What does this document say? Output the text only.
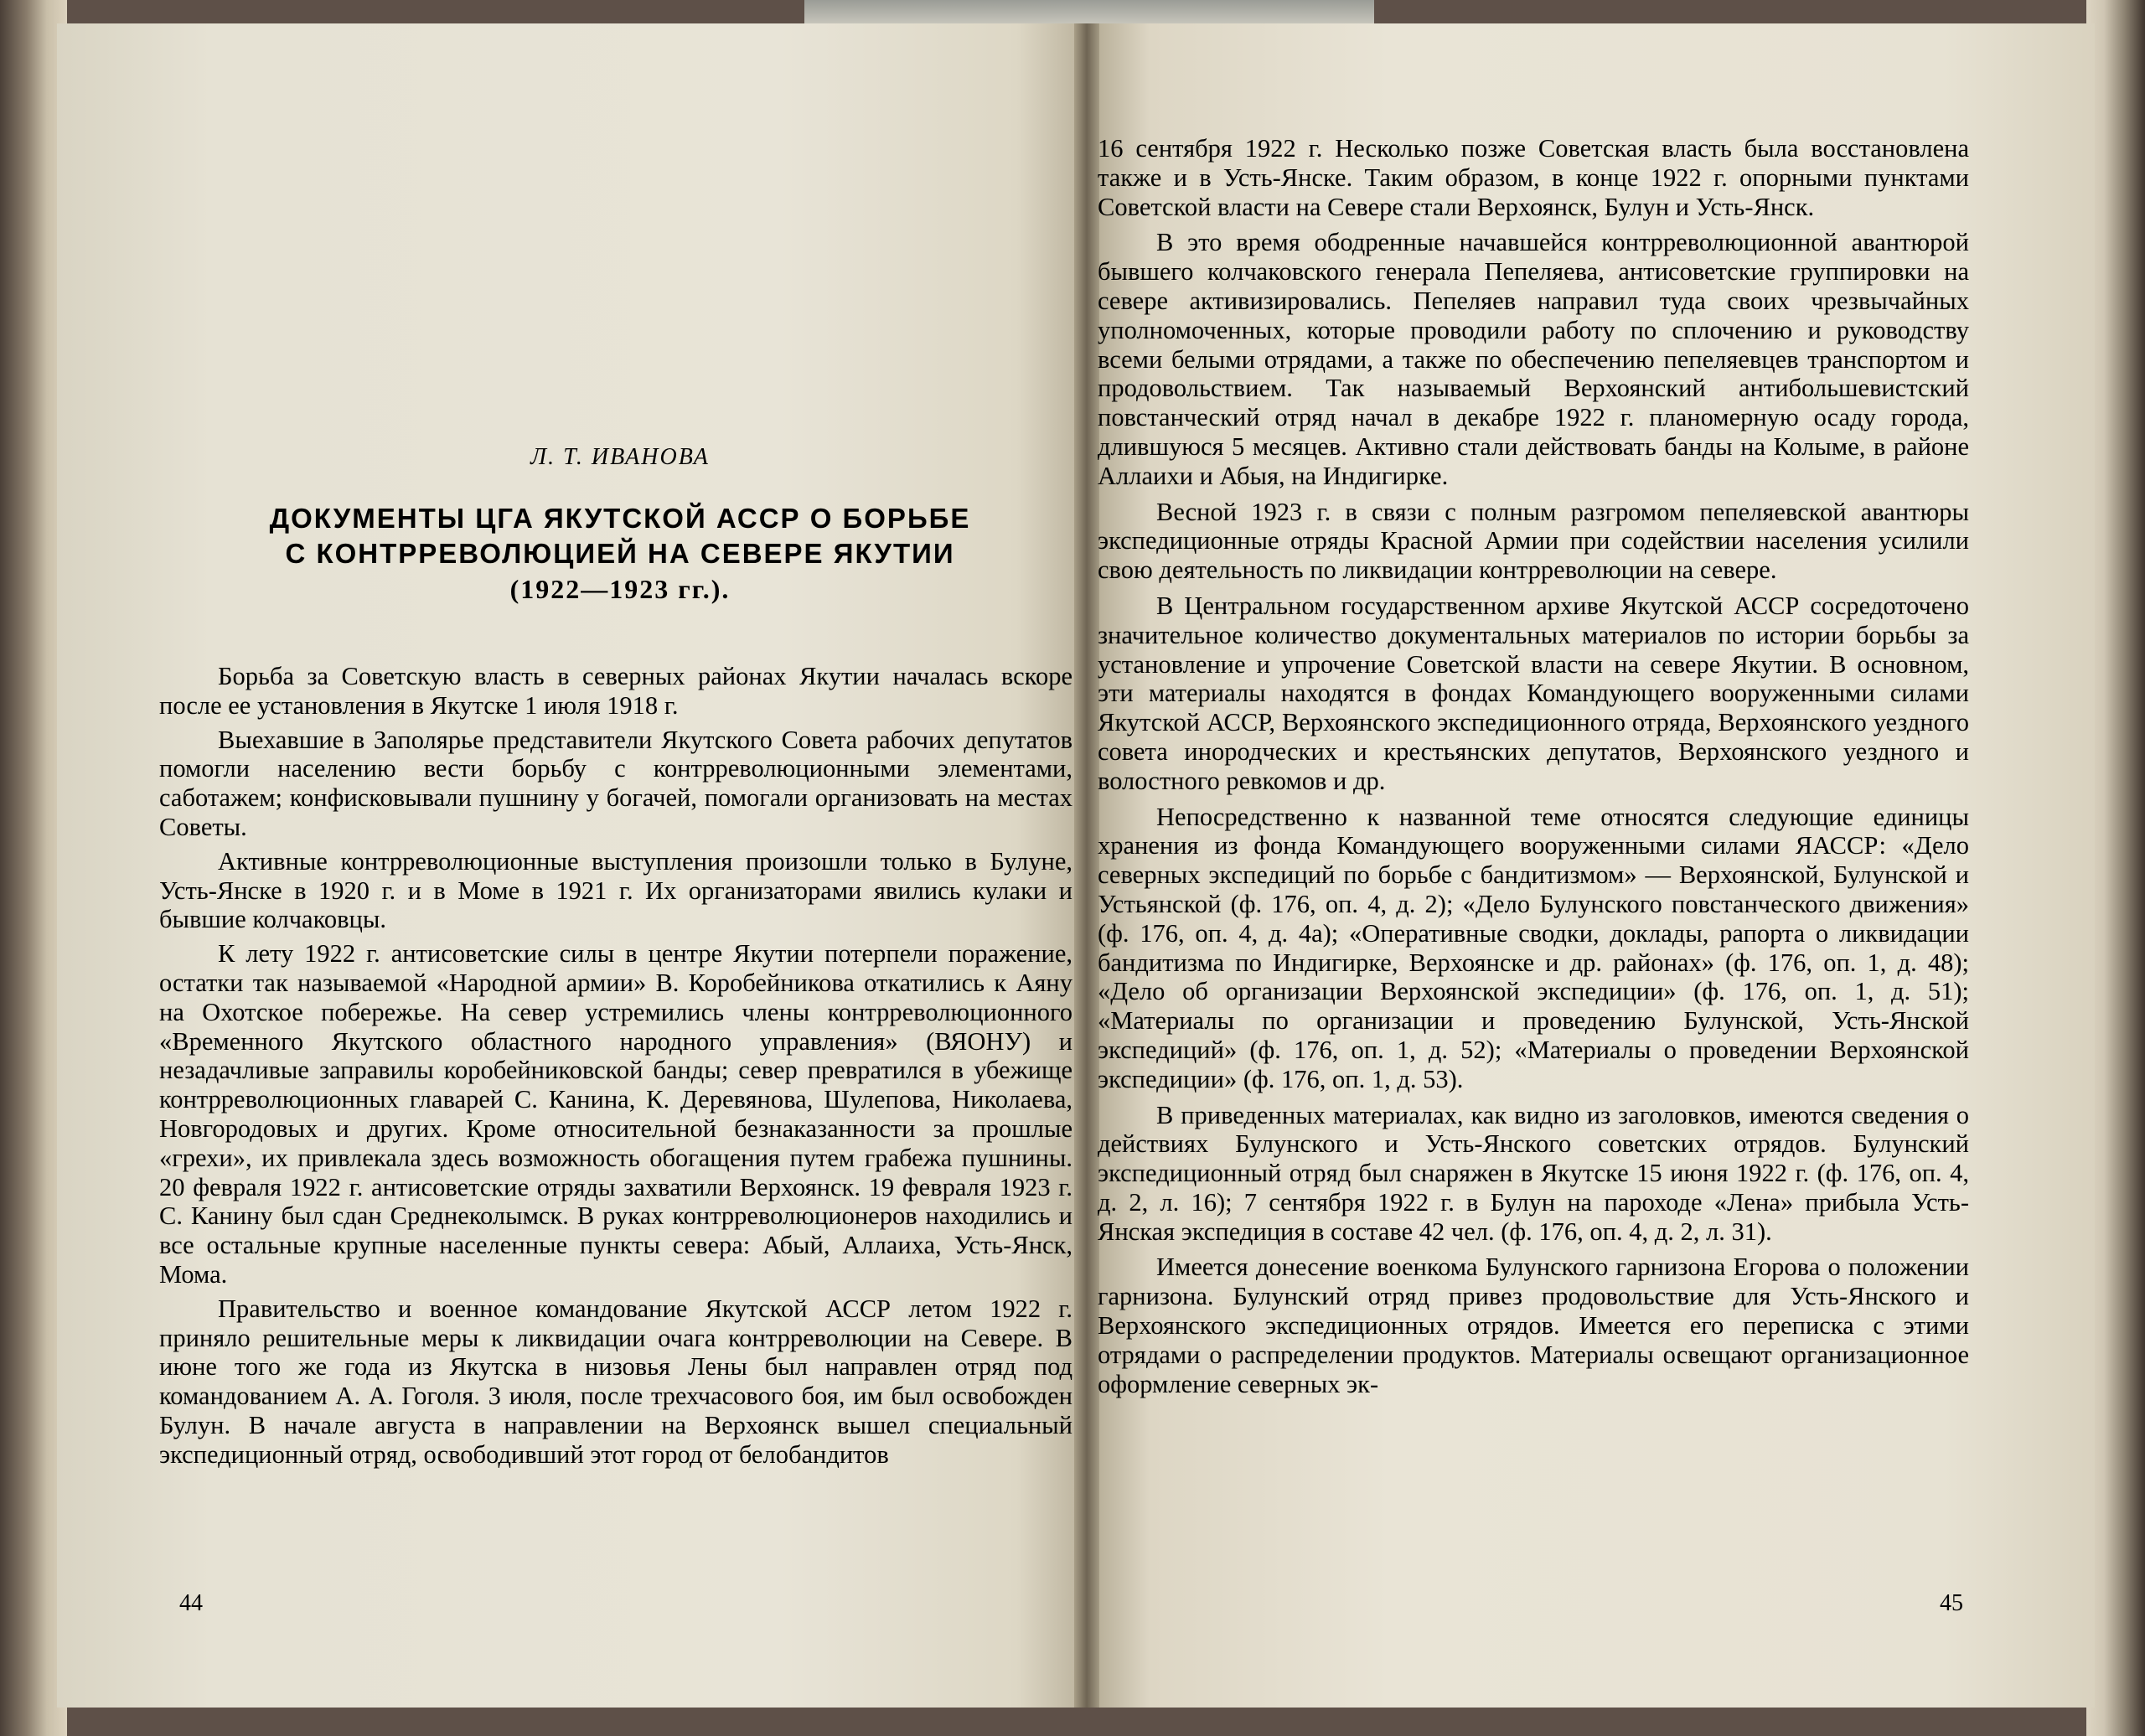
Л. Т. ИВАНОВА
ДОКУМЕНТЫ ЦГА ЯКУТСКОЙ АССР О БОРЬБЕ
С КОНТРРЕВОЛЮЦИЕЙ НА СЕВЕРЕ ЯКУТИИ
(1922—1923 гг.).

Борьба за Советскую власть в северных районах Якутии началась вскоре после ее установления в Якутске 1 июля 1918 г.

Выехавшие в Заполярье представители Якутского Совета рабочих депутатов помогли населению вести борьбу с контрреволюционными элементами, саботажем; конфисковывали пушнину у богачей, помогали организовать на местах Советы.

Активные контрреволюционные выступления произошли только в Булуне, Усть-Янске в 1920 г. и в Моме в 1921 г. Их организаторами явились кулаки и бывшие колчаковцы.

К лету 1922 г. антисоветские силы в центре Якутии потерпели поражение, остатки так называемой «Народной армии» В. Коробейникова откатились к Аяну на Охотское побережье. На север устремились члены контрреволюционного «Временного Якутского областного народного управления» (ВЯОНУ) и незадачливые заправилы коробейниковской банды; север превратился в убежище контрреволюционных главарей С. Канина, К. Деревянова, Шулепова, Николаева, Новгородовых и других. Кроме относительной безнаказанности за прошлые «грехи», их привлекала здесь возможность обогащения путем грабежа пушнины. 20 февраля 1922 г. антисоветские отряды захватили Верхоянск. 19 февраля 1923 г. С. Канину был сдан Среднеколымск. В руках контрреволюционеров находились и все остальные крупные населенные пункты севера: Абый, Аллаиха, Усть-Янск, Мома.

Правительство и военное командование Якутской АССР летом 1922 г. приняло решительные меры к ликвидации очага контрреволюции на Севере. В июне того же года из Якутска в низовья Лены был направлен отряд под командованием А. А. Гоголя. 3 июля, после трехчасового боя, им был освобожден Булун. В начале августа в направлении на Верхоянск вышел специальный экспедиционный отряд, освободивший этот город от белобандитов

16 сентября 1922 г. Несколько позже Советская власть была восстановлена также и в Усть-Янске. Таким образом, в конце 1922 г. опорными пунктами Советской власти на Севере стали Верхоянск, Булун и Усть-Янск.

В это время ободренные начавшейся контрреволюционной авантюрой бывшего колчаковского генерала Пепеляева, антисоветские группировки на севере активизировались. Пепеляев направил туда своих чрезвычайных уполномоченных, которые проводили работу по сплочению и руководству всеми белыми отрядами, а также по обеспечению пепеляевцев транспортом и продовольствием. Так называемый Верхоянский антибольшевистский повстанческий отряд начал в декабре 1922 г. планомерную осаду города, длившуюся 5 месяцев. Активно стали действовать банды на Колыме, в районе Аллаихи и Абыя, на Индигирке.

Весной 1923 г. в связи с полным разгромом пепеляевской авантюры экспедиционные отряды Красной Армии при содействии населения усилили свою деятельность по ликвидации контрреволюции на севере.

В Центральном государственном архиве Якутской АССР сосредоточено значительное количество документальных материалов по истории борьбы за установление и упрочение Советской власти на севере Якутии. В основном, эти материалы находятся в фондах Командующего вооруженными силами Якутской АССР, Верхоянского экспедиционного отряда, Верхоянского уездного совета инородческих и крестьянских депутатов, Верхоянского уездного и волостного ревкомов и др.

Непосредственно к названной теме относятся следующие единицы хранения из фонда Командующего вооруженными силами ЯАССР: «Дело северных экспедиций по борьбе с бандитизмом» — Верхоянской, Булунской и Устьянской (ф. 176, оп. 4, д. 2); «Дело Булунского повстанческого движения» (ф. 176, оп. 4, д. 4а); «Оперативные сводки, доклады, рапорта о ликвидации бандитизма по Индигирке, Верхоянске и др. районах» (ф. 176, оп. 1, д. 48); «Дело об организации Верхоянской экспедиции» (ф. 176, оп. 1, д. 51); «Материалы по организации и проведению Булунской, Усть-Янской экспедиций» (ф. 176, оп. 1, д. 52); «Материалы о проведении Верхоянской экспедиции» (ф. 176, оп. 1, д. 53).

В приведенных материалах, как видно из заголовков, имеются сведения о действиях Булунского и Усть-Янского советских отрядов. Булунский экспедиционный отряд был снаряжен в Якутске 15 июня 1922 г. (ф. 176, оп. 4, д. 2, л. 16); 7 сентября 1922 г. в Булун на пароходе «Лена» прибыла Усть-Янская экспедиция в составе 42 чел. (ф. 176, оп. 4, д. 2, л. 31).

Имеется донесение военкома Булунского гарнизона Егорова о положении гарнизона. Булунский отряд привез продовольствие для Усть-Янского и Верхоянского экспедиционных отрядов. Имеется его переписка с этими отрядами о распределении продуктов. Материалы освещают организационное оформление северных эк-

44	45
